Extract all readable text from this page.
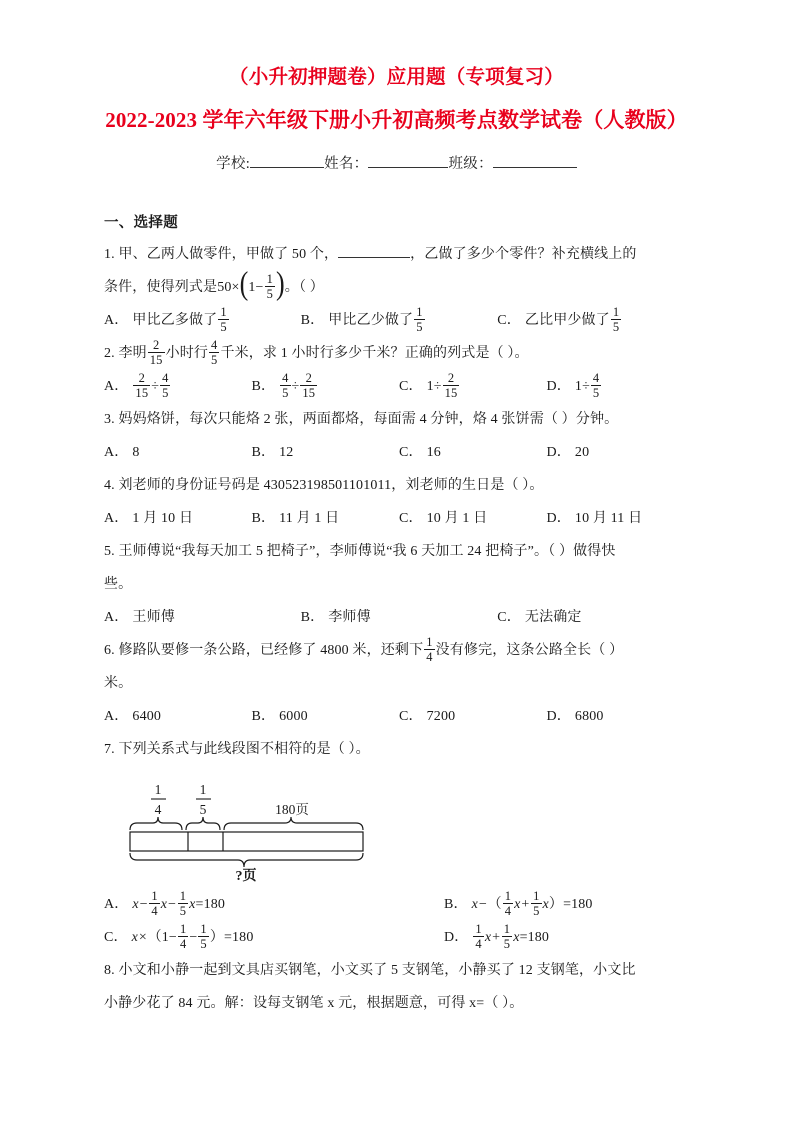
（小升初押题卷）应用题（专项复习）
2022-2023 学年六年级下册小升初高频考点数学试卷（人教版）
学校:	姓名：	班级：
一、选择题
1. 甲、乙两人做零件，甲做了 50 个，	，乙做了多少个零件？补充横线上的
条件，使得列式是$50\times(1- \frac{1}{5}$ )。（ ）
A． 甲比乙多做了 $\frac{1}{5}$	B． 甲比乙少做了 $\frac{1}{5}$	C． 乙比甲少做了 $\frac{1}{5}$
2. 李明 $\frac{2}{15}$ 小时行 $\frac{4}{5}$ 千米，求 1 小时行多少千米？正确的列式是（ ）。
A． $\frac{2}{15} \div \frac{4}{5}$	B． $\frac{4}{5} \div \frac{2}{15}$	C． $1\div \frac{2}{15}$	D． $1\div \frac{4}{5}$
3. 妈妈烙饼，每次只能烙 2 张，两面都烙，每面需 4 分钟，烙 4 张饼需（ ）分钟。
A． 8	B． 12	C． 16	D． 20
4. 刘老师的身份证号码是 430523198501101011，刘老师的生日是（ ）。
A． 1 月 10 日	B． 11 月 1 日	C． 10 月 1 日	D． 10 月 11 日
5. 王师傅说“我每天加工 5 把椅子”，李师傅说“我 6 天加工 24 把椅子”。（ ）做得快
些。
A． 王师傅	B． 李师傅	C． 无法确定
6. 修路队要修一条公路，已经修了 4800 米，还剩下 $\frac{1}{4}$ 没有修完，这条公路全长（ ）
米。
A． 6400	B． 6000	C． 7200	D． 6800
7. 下列关系式与此线段图不相符的是（ ）。
1
4
1
5	180页
?页
A． $x- \frac{1}{4} x- \frac{1}{5} x=180$	B． $x-( \frac{1}{4} x+ \frac{1}{5} x)=180$
C． $x\times(1- \frac{1}{4} - \frac{1}{5} )=180$	D． $\frac{1}{4} x+ \frac{1}{5} x=180$
8. 小文和小静一起到文具店买钢笔，小文买了 5 支钢笔，小静买了 12 支钢笔，小文比
小静少花了 84 元。解：设每支钢笔 x 元，根据题意，可得 x=（ ）。
